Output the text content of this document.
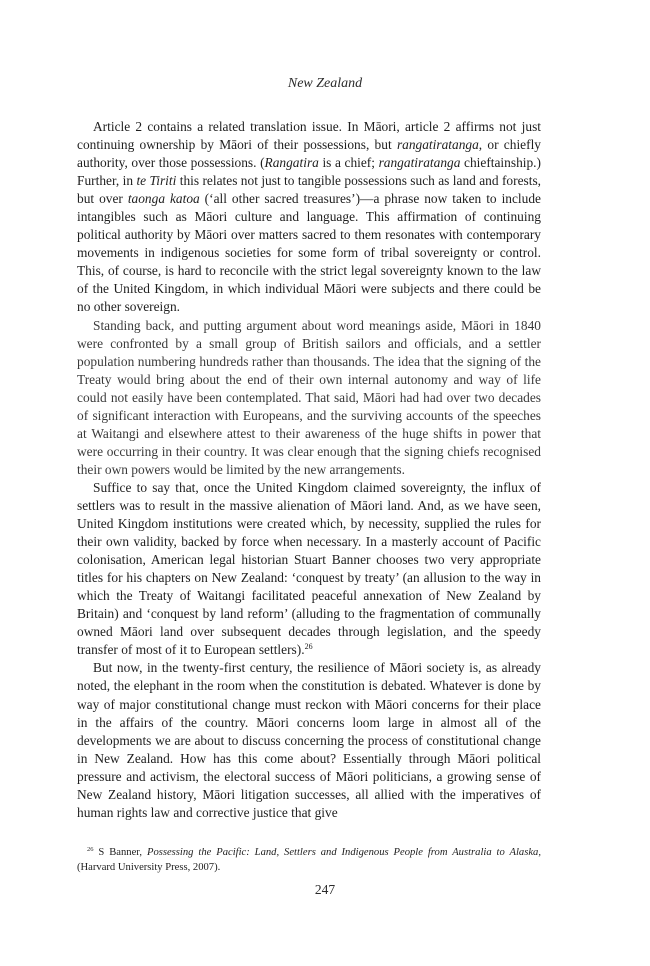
New Zealand

Article 2 contains a related translation issue. In Māori, article 2 affirms not just continuing ownership by Māori of their possessions, but rangatiratanga, or chiefly authority, over those possessions. (Rangatira is a chief; rangatiratanga chieftainship.) Further, in te Tiriti this relates not just to tangible possessions such as land and forests, but over taonga katoa (‘all other sacred treasures’)—a phrase now taken to include intangibles such as Māori culture and language. This affirmation of continuing political authority by Māori over matters sacred to them resonates with contemporary movements in indigenous societies for some form of tribal sovereignty or control. This, of course, is hard to reconcile with the strict legal sovereignty known to the law of the United Kingdom, in which individual Māori were subjects and there could be no other sovereign.

Standing back, and putting argument about word meanings aside, Māori in 1840 were confronted by a small group of British sailors and officials, and a settler population numbering hundreds rather than thousands. The idea that the signing of the Treaty would bring about the end of their own internal autonomy and way of life could not easily have been contemplated. That said, Māori had had over two decades of significant interaction with Europeans, and the surviving accounts of the speeches at Waitangi and elsewhere attest to their awareness of the huge shifts in power that were occurring in their country. It was clear enough that the signing chiefs recognised their own powers would be limited by the new arrangements.

Suffice to say that, once the United Kingdom claimed sovereignty, the influx of settlers was to result in the massive alienation of Māori land. And, as we have seen, United Kingdom institutions were created which, by necessity, supplied the rules for their own validity, backed by force when necessary. In a masterly account of Pacific colonisation, American legal historian Stuart Banner chooses two very appropriate titles for his chapters on New Zealand: ‘conquest by treaty’ (an allusion to the way in which the Treaty of Waitangi facilitated peaceful annexation of New Zealand by Britain) and ‘conquest by land reform’ (alluding to the fragmentation of communally owned Māori land over subsequent decades through legislation, and the speedy transfer of most of it to European settlers).$^{26}$

But now, in the twenty-first century, the resilience of Māori society is, as already noted, the elephant in the room when the constitution is debated. Whatever is done by way of major constitutional change must reckon with Māori concerns for their place in the affairs of the country. Māori concerns loom large in almost all of the developments we are about to discuss concerning the process of constitutional change in New Zealand. How has this come about? Essentially through Māori political pressure and activism, the electoral success of Māori politicians, a growing sense of New Zealand history, Māori litigation successes, all allied with the imperatives of human rights law and corrective justice that give

$^{26}$ S Banner, Possessing the Pacific: Land, Settlers and Indigenous People from Australia to Alaska, (Harvard University Press, 2007).

247
